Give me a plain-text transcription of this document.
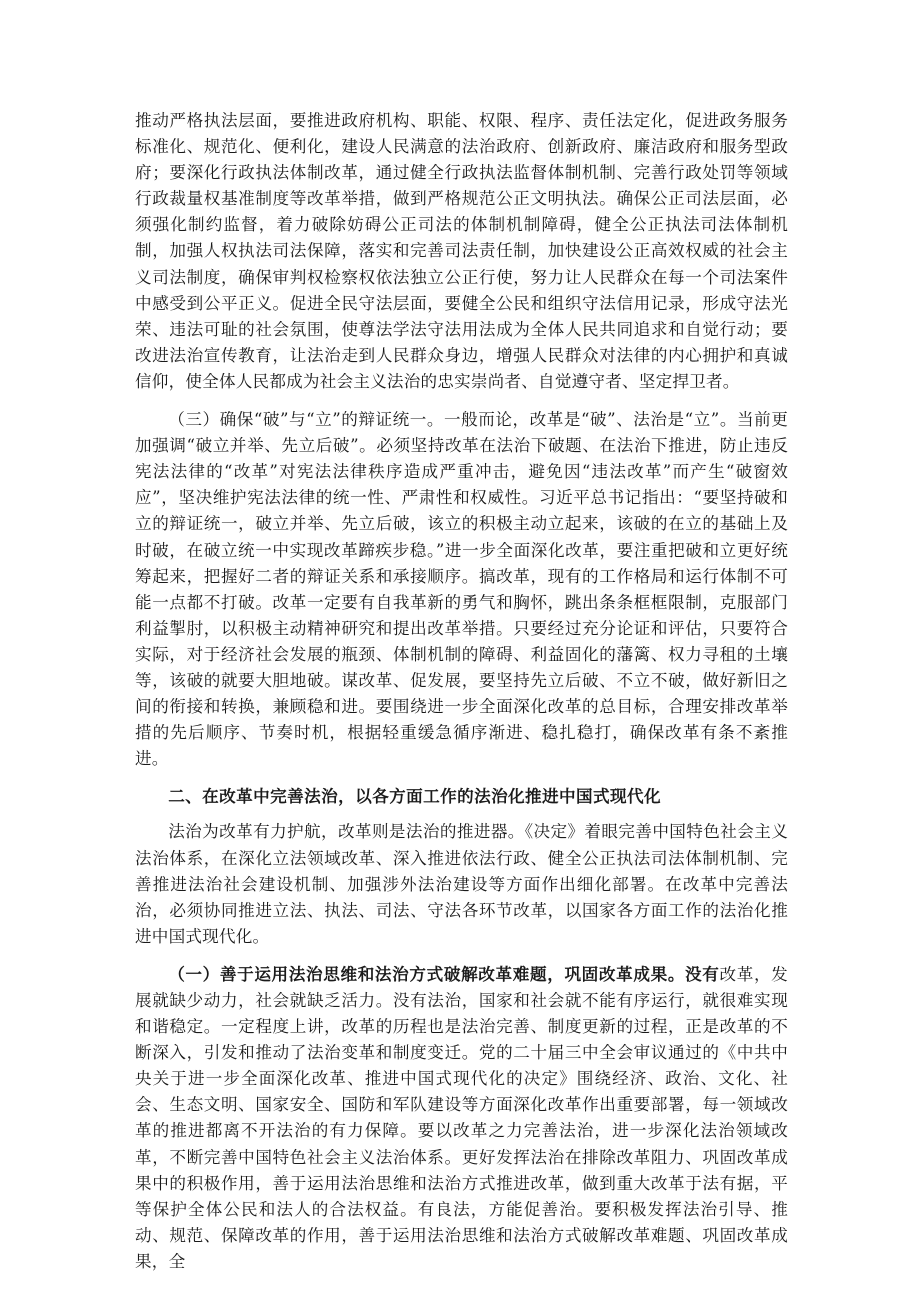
推动严格执法层面，要推进政府机构、职能、权限、程序、责任法定化，促进政务服务标准化、规范化、便利化，建设人民满意的法治政府、创新政府、廉洁政府和服务型政府；要深化行政执法体制改革，通过健全行政执法监督体制机制、完善行政处罚等领域行政裁量权基准制度等改革举措，做到严格规范公正文明执法。确保公正司法层面，必须强化制约监督，着力破除妨碍公正司法的体制机制障碍，健全公正执法司法体制机制，加强人权执法司法保障，落实和完善司法责任制，加快建设公正高效权威的社会主义司法制度，确保审判权检察权依法独立公正行使，努力让人民群众在每一个司法案件中感受到公平正义。促进全民守法层面，要健全公民和组织守法信用记录，形成守法光荣、违法可耻的社会氛围，使尊法学法守法用法成为全体人民共同追求和自觉行动；要改进法治宣传教育，让法治走到人民群众身边，增强人民群众对法律的内心拥护和真诚信仰，使全体人民都成为社会主义法治的忠实崇尚者、自觉遵守者、坚定捍卫者。

（三）确保“破”与“立”的辩证统一。一般而论，改革是“破”、法治是“立”。当前更加强调“破立并举、先立后破”。必须坚持改革在法治下破题、在法治下推进，防止违反宪法法律的“改革”对宪法法律秩序造成严重冲击，避免因“违法改革”而产生“破窗效应”，坚决维护宪法法律的统一性、严肃性和权威性。习近平总书记指出：“要坚持破和立的辩证统一，破立并举、先立后破，该立的积极主动立起来，该破的在立的基础上及时破，在破立统一中实现改革蹄疾步稳。”进一步全面深化改革，要注重把破和立更好统筹起来，把握好二者的辩证关系和承接顺序。搞改革，现有的工作格局和运行体制不可能一点都不打破。改革一定要有自我革新的勇气和胸怀，跳出条条框框限制，克服部门利益掣肘，以积极主动精神研究和提出改革举措。只要经过充分论证和评估，只要符合实际，对于经济社会发展的瓶颈、体制机制的障碍、利益固化的藩篱、权力寻租的土壤等，该破的就要大胆地破。谋改革、促发展，要坚持先立后破、不立不破，做好新旧之间的衔接和转换，兼顾稳和进。要围绕进一步全面深化改革的总目标，合理安排改革举措的先后顺序、节奏时机，根据轻重缓急循序渐进、稳扎稳打，确保改革有条不紊推进。

二、在改革中完善法治，以各方面工作的法治化推进中国式现代化

法治为改革有力护航，改革则是法治的推进器。《决定》着眼完善中国特色社会主义法治体系，在深化立法领域改革、深入推进依法行政、健全公正执法司法体制机制、完善推进法治社会建设机制、加强涉外法治建设等方面作出细化部署。在改革中完善法治，必须协同推进立法、执法、司法、守法各环节改革，以国家各方面工作的法治化推进中国式现代化。

（一）善于运用法治思维和法治方式破解改革难题，巩固改革成果。没有改革，发展就缺少动力，社会就缺乏活力。没有法治，国家和社会就不能有序运行，就很难实现和谐稳定。一定程度上讲，改革的历程也是法治完善、制度更新的过程，正是改革的不断深入，引发和推动了法治变革和制度变迁。党的二十届三中全会审议通过的《中共中央关于进一步全面深化改革、推进中国式现代化的决定》围绕经济、政治、文化、社会、生态文明、国家安全、国防和军队建设等方面深化改革作出重要部署，每一领域改革的推进都离不开法治的有力保障。要以改革之力完善法治，进一步深化法治领域改革，不断完善中国特色社会主义法治体系。更好发挥法治在排除改革阻力、巩固改革成果中的积极作用，善于运用法治思维和法治方式推进改革，做到重大改革于法有据，平等保护全体公民和法人的合法权益。有良法，方能促善治。要积极发挥法治引导、推动、规范、保障改革的作用，善于运用法治思维和法治方式破解改革难题、巩固改革成果，全
